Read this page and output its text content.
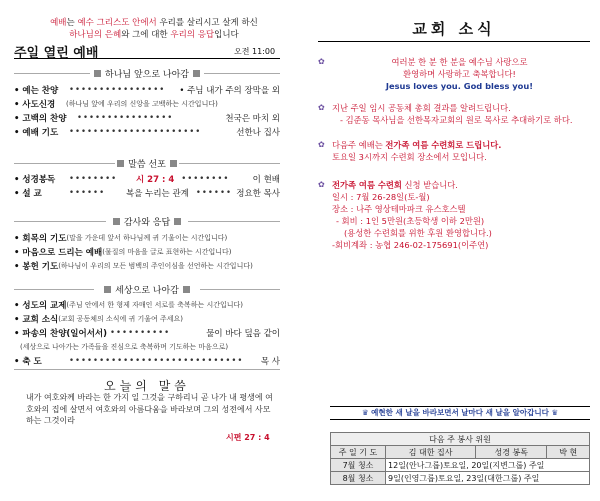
예배는 예수 그리스도 안에서 우리를 살리시고 살게 하신
하나님의 은혜와 그에 대한 우리의 응답입니다
주일 열린 예배	오전 11:00
하나님 앞으로 나아감
• 예는 찬양	••••••••••••••••	• 주님 내가 주의 장막을 외
• 사도신경	(하나님 앞에 우리의 신앙을 고백하는 시간입니다)
• 고백의 찬양	••••••••••••••••	천국은 마치 외
• 예배 기도	••••••••••••••••••••••	선한나 집사
말씀 선포
• 성경봉독	••••••••	시 27 : 4 ••••••••	이 현배
• 설 교	••••••	복을 누리는 관계 •••••• 정요한 목사
감사와 응답
• 회목의 기도 (말을 가운데 앞서 하나님께 귀 기울이는 시간입니다)
• 마음으로 드리는 예배 (물질의 마음을 글로 표현하는 시간입니다)
• 봉헌 기도 (하나님이 우리의 모든 범백의 주인이심을 선언하는 시간입니다)
세상으로 나아감
• 성도의 교제 (주님 안에서 한 형제 자매인 서로를 축복하는 시간입니다)
• 교회 소식 (교회 공동체의 소식에 귀 기울여 주세요)
• 파송의 찬양(일어서서) ••••••••••	물이 바다 덮음 같이
(세상으로 나아가는 가족들을 진심으로 축복하며 기도하는 마음으로)
• 축 도	•••••••••••••••••••••••••••••	목 사
오늘의 말씀
내가 여호와께 바라는 한 가지 일 그것을 구하리니 곧 나가 내 평생에 여호와의 집에 살면서 여호와의 아름다움을 바라보며 그의 성전에서 사모하는 그것이라
시편 27 : 4
교회 소식
✿	여러분 한 분 한 분을 예수님 사랑으로
환영하며 사랑하고 축복합니다!
Jesus loves you. God bless you!
✿ 지난 주일 임시 공동체 총회 결과를 알려드립니다.
- 김준동 목사님을 선한목자교회의 원로 목사로 추대하기로 하다.
✿ 다음주 예배는 전가족 여름 수련회로 드립니다.
토요일 3시까지 수련회 장소에서 모입니다.
✿ 전가족 여름 수련회 신청 받습니다.
일시 : 7월 26-28일(토-월)
장소 : 나주 영상테마파크 유스호스텔
- 회비 : 1인 5만원(초등학생 이하 2만원)
(용성한 수련회를 위한 후원 환영합니다.)
-회비계좌 : 농협 246-02-175691(이주연)
♛ 예현한 새 날을 바라보면서 날마다 새 날을 알아갑니다 ♛
다음 주 봉사 위원			
주 일 기 도	김 대한 집사	성경 봉독	박 현
7월 청소	12일(안나그룹)토요일, 20일(지변그룹) 주일		
8월 청소	9일(인영그룹)토요일, 23일(대한그룹) 주일		
